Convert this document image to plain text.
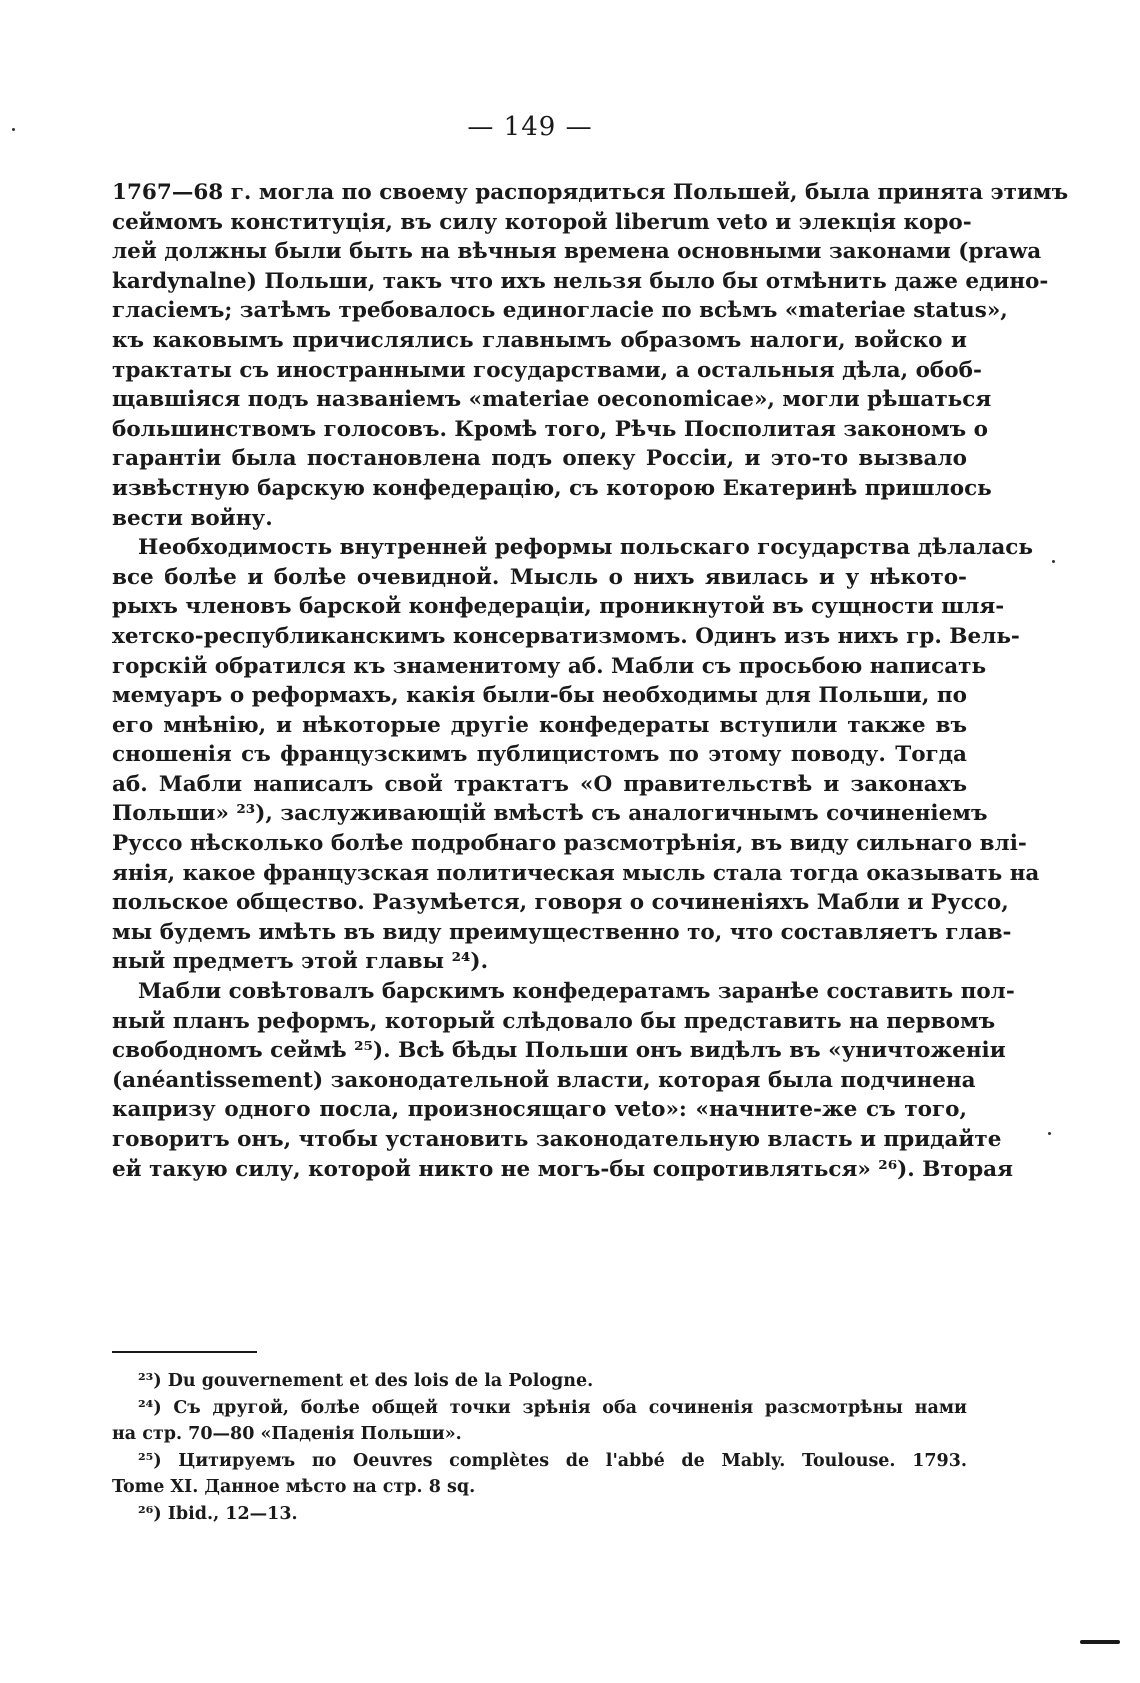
— 149 —
1767—68 г. могла по своему распорядиться Польшей, была принята этимъ
сеймомъ конституція, въ силу которой liberum veto и элекція коро-
лей должны были быть на вѣчныя времена основными законами (prawa
kardynalne) Польши, такъ что ихъ нельзя было бы отмѣнить даже едино-
гласіемъ; затѣмъ требовалось единогласіе по всѣмъ «materiae status»,
къ каковымъ причислялись главнымъ образомъ налоги, войско и
трактаты съ иностранными государствами, а остальныя дѣла, обоб-
щавшіяся подъ названіемъ «materiae oeconomicae», могли рѣшаться
большинствомъ голосовъ. Кромѣ того, Рѣчь Посполитая закономъ о
гарантіи была постановлена подъ опеку Россіи, и это-то вызвало
извѣстную барскую конфедерацію, съ которою Екатеринѣ пришлось
вести войну.
Необходимость внутренней реформы польскаго государства дѣлалась
все болѣе и болѣе очевидной. Мысль о нихъ явилась и у нѣкото-
рыхъ членовъ барской конфедераціи, проникнутой въ сущности шля-
хетско-республиканскимъ консерватизмомъ. Одинъ изъ нихъ гр. Вель-
горскій обратился къ знаменитому аб. Мабли съ просьбою написать
мемуаръ о реформахъ, какія были-бы необходимы для Польши, по
его мнѣнію, и нѣкоторые другіе конфедераты вступили также въ
сношенія съ французскимъ публицистомъ по этому поводу. Тогда
аб. Мабли написалъ свой трактатъ «О правительствѣ и законахъ
Польши» ²³), заслуживающій вмѣстѣ съ аналогичнымъ сочиненіемъ
Руссо нѣсколько болѣе подробнаго разсмотрѣнія, въ виду сильнаго влі-
янія, какое французская политическая мысль стала тогда оказывать на
польское общество. Разумѣется, говоря о сочиненіяхъ Мабли и Руссо,
мы будемъ имѣть въ виду преимущественно то, что составляетъ глав-
ный предметъ этой главы ²⁴).
Мабли совѣтовалъ барскимъ конфедератамъ заранѣе составить пол-
ный планъ реформъ, который слѣдовало бы представить на первомъ
свободномъ сеймѣ ²⁵). Всѣ бѣды Польши онъ видѣлъ въ «уничтоженіи
(anéantissement) законодательной власти, которая была подчинена
капризу одного посла, произносящаго veto»: «начните-же съ того,
говоритъ онъ, чтобы установить законодательную власть и придайте
ей такую силу, которой никто не могъ-бы сопротивляться» ²⁶). Вторая
²³) Du gouvernement et des lois de la Pologne.
²⁴) Съ другой, болѣе общей точки зрѣнія оба сочиненія разсмотрѣны нами
на стр. 70—80 «Паденія Польши».
²⁵) Цитируемъ по Oeuvres complètes de l'abbé de Mably. Toulouse. 1793.
Tome XI. Данное мѣсто на стр. 8 sq.
²⁶) Ibid., 12—13.
